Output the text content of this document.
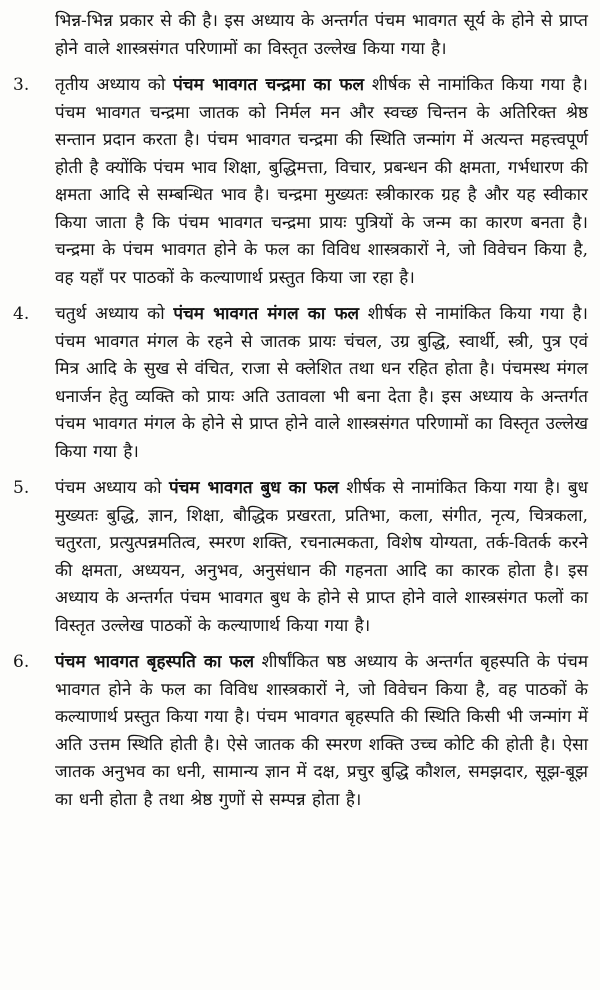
भिन्न-भिन्न प्रकार से की है। इस अध्याय के अन्तर्गत पंचम भावगत सूर्य के होने से प्राप्त होने वाले शास्त्रसंगत परिणामों का विस्तृत उल्लेख किया गया है।

3.	तृतीय अध्याय को पंचम भावगत चन्द्रमा का फल शीर्षक से नामांकित किया गया है। पंचम भावगत चन्द्रमा जातक को निर्मल मन और स्वच्छ चिन्तन के अतिरिक्त श्रेष्ठ सन्तान प्रदान करता है। पंचम भावगत चन्द्रमा की स्थिति जन्मांग में अत्यन्त महत्त्वपूर्ण होती है क्योंकि पंचम भाव शिक्षा, बुद्धिमत्ता, विचार, प्रबन्धन की क्षमता, गर्भधारण की क्षमता आदि से सम्बन्धित भाव है। चन्द्रमा मुख्यतः स्त्रीकारक ग्रह है और यह स्वीकार किया जाता है कि पंचम भावगत चन्द्रमा प्रायः पुत्रियों के जन्म का कारण बनता है। चन्द्रमा के पंचम भावगत होने के फल का विविध शास्त्रकारों ने, जो विवेचन किया है, वह यहाँ पर पाठकों के कल्याणार्थ प्रस्तुत किया जा रहा है।

4.	चतुर्थ अध्याय को पंचम भावगत मंगल का फल शीर्षक से नामांकित किया गया है। पंचम भावगत मंगल के रहने से जातक प्रायः चंचल, उग्र बुद्धि, स्वार्थी, स्त्री, पुत्र एवं मित्र आदि के सुख से वंचित, राजा से क्लेशित तथा धन रहित होता है। पंचमस्थ मंगल धनार्जन हेतु व्यक्ति को प्रायः अति उतावला भी बना देता है। इस अध्याय के अन्तर्गत पंचम भावगत मंगल के होने से प्राप्त होने वाले शास्त्रसंगत परिणामों का विस्तृत उल्लेख किया गया है।

5.	पंचम अध्याय को पंचम भावगत बुध का फल शीर्षक से नामांकित किया गया है। बुध मुख्यतः बुद्धि, ज्ञान, शिक्षा, बौद्धिक प्रखरता, प्रतिभा, कला, संगीत, नृत्य, चित्रकला, चतुरता, प्रत्युत्पन्नमतित्व, स्मरण शक्ति, रचनात्मकता, विशेष योग्यता, तर्क-वितर्क करने की क्षमता, अध्ययन, अनुभव, अनुसंधान की गहनता आदि का कारक होता है। इस अध्याय के अन्तर्गत पंचम भावगत बुध के होने से प्राप्त होने वाले शास्त्रसंगत फलों का विस्तृत उल्लेख पाठकों के कल्याणार्थ किया गया है।

6.	पंचम भावगत बृहस्पति का फल शीर्षांकित षष्ठ अध्याय के अन्तर्गत बृहस्पति के पंचम भावगत होने के फल का विविध शास्त्रकारों ने, जो विवेचन किया है, वह पाठकों के कल्याणार्थ प्रस्तुत किया गया है। पंचम भावगत बृहस्पति की स्थिति किसी भी जन्मांग में अति उत्तम स्थिति होती है। ऐसे जातक की स्मरण शक्ति उच्च कोटि की होती है। ऐसा जातक अनुभव का धनी, सामान्य ज्ञान में दक्ष, प्रचुर बुद्धि कौशल, समझदार, सूझ-बूझ का धनी होता है तथा श्रेष्ठ गुणों से सम्पन्न होता है।
